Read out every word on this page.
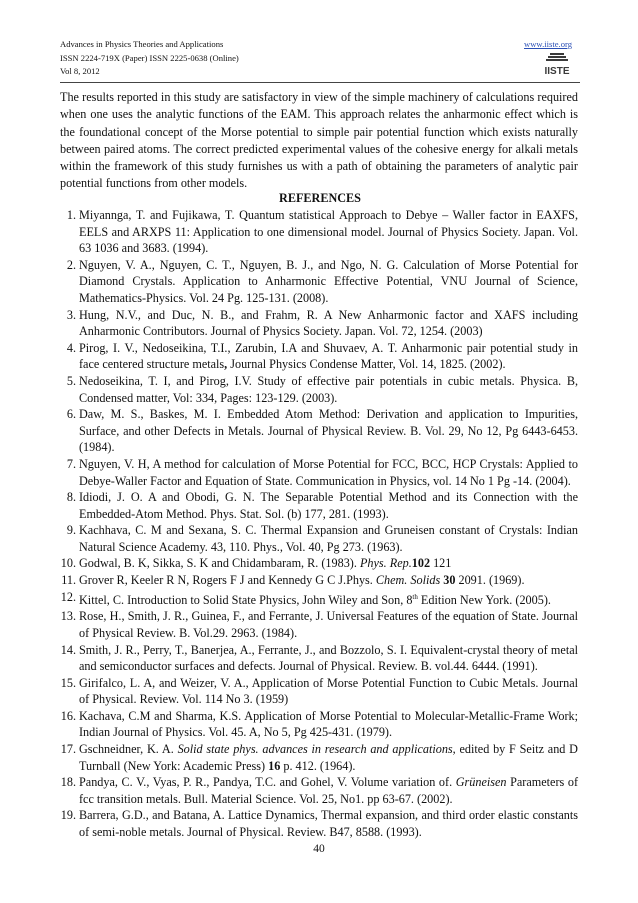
Advances in Physics Theories and Applications
ISSN 2224-719X (Paper) ISSN 2225-0638 (Online)
Vol 8, 2012
www.iiste.org
IISTE

The results reported in this study are satisfactory in view of the simple machinery of calculations required when one uses the analytic functions of the EAM. This approach relates the anharmonic effect which is the foundational concept of the Morse potential to simple pair potential function which exists naturally between paired atoms. The correct predicted experimental values of the cohesive energy for alkali metals within the framework of this study furnishes us with a path of obtaining the parameters of analytic pair potential functions from other models.

REFERENCES
1. Miyannga, T. and Fujikawa, T. Quantum statistical Approach to Debye – Waller factor in EAXFS, EELS and ARXPS 11: Application to one dimensional model. Journal of Physics Society. Japan. Vol. 63 1036 and 3683. (1994).
2. Nguyen, V. A., Nguyen, C. T., Nguyen, B. J., and Ngo, N. G. Calculation of Morse Potential for Diamond Crystals. Application to Anharmonic Effective Potential, VNU Journal of Science, Mathematics-Physics. Vol. 24 Pg. 125-131. (2008).
3. Hung, N.V., and Duc, N. B., and Frahm, R. A New Anharmonic factor and XAFS including Anharmonic Contributors. Journal of Physics Society. Japan. Vol. 72, 1254. (2003)
4. Pirog, I. V., Nedoseikina, T.I., Zarubin, I.A and Shuvaev, A. T. Anharmonic pair potential study in face centered structure metals, Journal Physics Condense Matter, Vol. 14, 1825. (2002).
5. Nedoseikina, T. I, and Pirog, I.V. Study of effective pair potentials in cubic metals. Physica. B, Condensed matter, Vol: 334, Pages: 123-129. (2003).
6. Daw, M. S., Baskes, M. I. Embedded Atom Method: Derivation and application to Impurities, Surface, and other Defects in Metals. Journal of Physical Review. B. Vol. 29, No 12, Pg 6443-6453. (1984).
7. Nguyen, V. H, A method for calculation of Morse Potential for FCC, BCC, HCP Crystals: Applied to Debye-Waller Factor and Equation of State. Communication in Physics, vol. 14 No 1 Pg -14. (2004).
8. Idiodi, J. O. A and Obodi, G. N. The Separable Potential Method and its Connection with the Embedded-Atom Method. Phys. Stat. Sol. (b) 177, 281. (1993).
9. Kachhava, C. M and Sexana, S. C. Thermal Expansion and Gruneisen constant of Crystals: Indian Natural Science Academy. 43, 110. Phys., Vol. 40, Pg 273. (1963).
10. Godwal, B. K, Sikka, S. K and Chidambaram, R. (1983). Phys. Rep.102 121
11. Grover R, Keeler R N, Rogers F J and Kennedy G C J.Phys. Chem. Solids 30 2091. (1969).
12. Kittel, C. Introduction to Solid State Physics, John Wiley and Son, 8th Edition New York. (2005).
13. Rose, H., Smith, J. R., Guinea, F., and Ferrante, J. Universal Features of the equation of State. Journal of Physical Review. B. Vol.29. 2963. (1984).
14. Smith, J. R., Perry, T., Banerjea, A., Ferrante, J., and Bozzolo, S. I. Equivalent-crystal theory of metal and semiconductor surfaces and defects. Journal of Physical. Review. B. vol.44. 6444. (1991).
15. Girifalco, L. A, and Weizer, V. A., Application of Morse Potential Function to Cubic Metals. Journal of Physical. Review. Vol. 114 No 3. (1959)
16. Kachava, C.M and Sharma, K.S. Application of Morse Potential to Molecular-Metallic-Frame Work; Indian Journal of Physics. Vol. 45. A, No 5, Pg 425-431. (1979).
17. Gschneidner, K. A. Solid state phys. advances in research and applications, edited by F Seitz and D Turnball (New York: Academic Press) 16 p. 412. (1964).
18. Pandya, C. V., Vyas, P. R., Pandya, T.C. and Gohel, V. Volume variation of. Grüneisen Parameters of fcc transition metals. Bull. Material Science. Vol. 25, No1. pp 63-67. (2002).
19. Barrera, G.D., and Batana, A. Lattice Dynamics, Thermal expansion, and third order elastic constants of semi-noble metals. Journal of Physical. Review. B47, 8588. (1993).
40
